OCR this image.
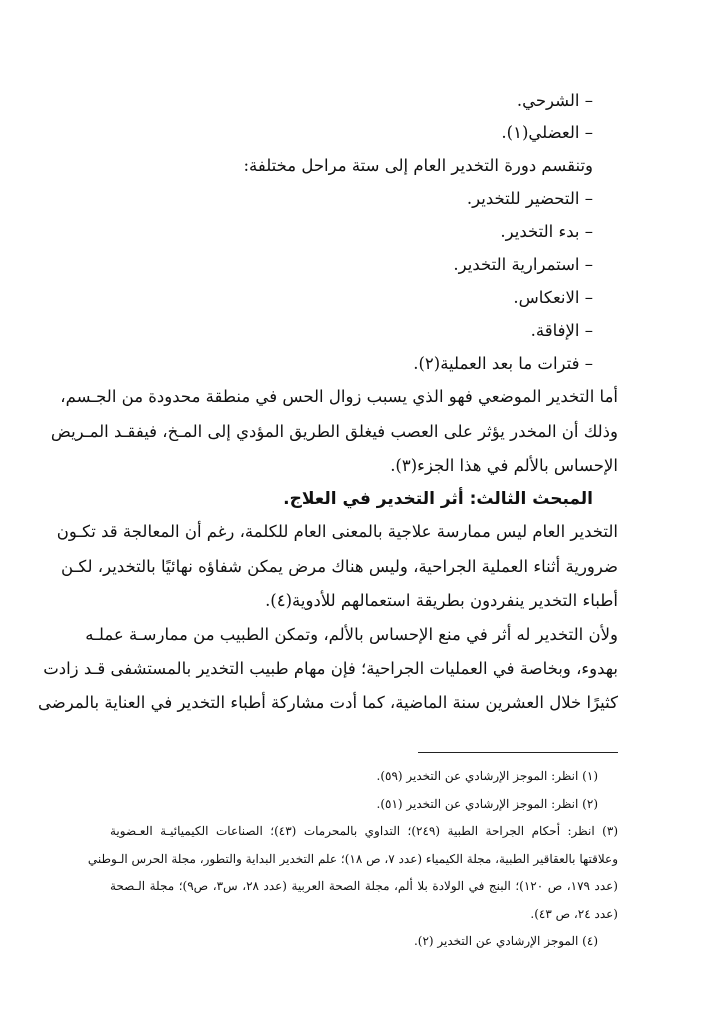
– الشرحي.
– العضلي(١).
وتنقسم دورة التخدير العام إلى ستة مراحل مختلفة:
– التحضير للتخدير.
– بدء التخدير.
– استمرارية التخدير.
– الانعكاس.
– الإفاقة.
– فترات ما بعد العملية(٢).
أما التخدير الموضعي فهو الذي يسبب زوال الحس في منطقة محدودة من الجـسم،
وذلك أن المخدر يؤثر على العصب فيغلق الطريق المؤدي إلى المـخ، فيفقـد المـريض
الإحساس بالألم في هذا الجزء(٣).
المبحث الثالث: أثر التخدير في العلاج.
التخدير العام ليس ممارسة علاجية بالمعنى العام للكلمة، رغم أن المعالجة قد تكـون
ضرورية أثناء العملية الجراحية، وليس هناك مرض يمكن شفاؤه نهائيًا بالتخدير، لكـن
أطباء التخدير ينفردون بطريقة استعمالهم للأدوية(٤).
ولأن التخدير له أثر في منع الإحساس بالألم، وتمكن الطبيب من ممارسـة عملـه
بهدوء، وبخاصة في العمليات الجراحية؛ فإن مهام طبيب التخدير بالمستشفى قـد زادت
كثيرًا خلال العشرين سنة الماضية، كما أدت مشاركة أطباء التخدير في العناية بالمرضى
(١) انظر: الموجز الإرشادي عن التخدير (٥٩).
(٢) انظر: الموجز الإرشادي عن التخدير (٥١).
(٣) انظر: أحكام الجراحة الطبية (٢٤٩)؛ التداوي بالمحرمات (٤٣)؛ الصناعات الكيميائيـة العـضوية
وعلاقتها بالعقاقير الطبية، مجلة الكيمياء (عدد ٧، ص ١٨)؛ علم التخدير البداية والتطور، مجلة الحرس الـوطني
(عدد ١٧٩، ص ١٢٠)؛ البنج في الولادة بلا ألم، مجلة الصحة العربية (عدد ٢٨، س٣، ص٩)؛ مجلة الـصحة
(عدد ٢٤، ص ٤٣).
(٤) الموجز الإرشادي عن التخدير (٢).
